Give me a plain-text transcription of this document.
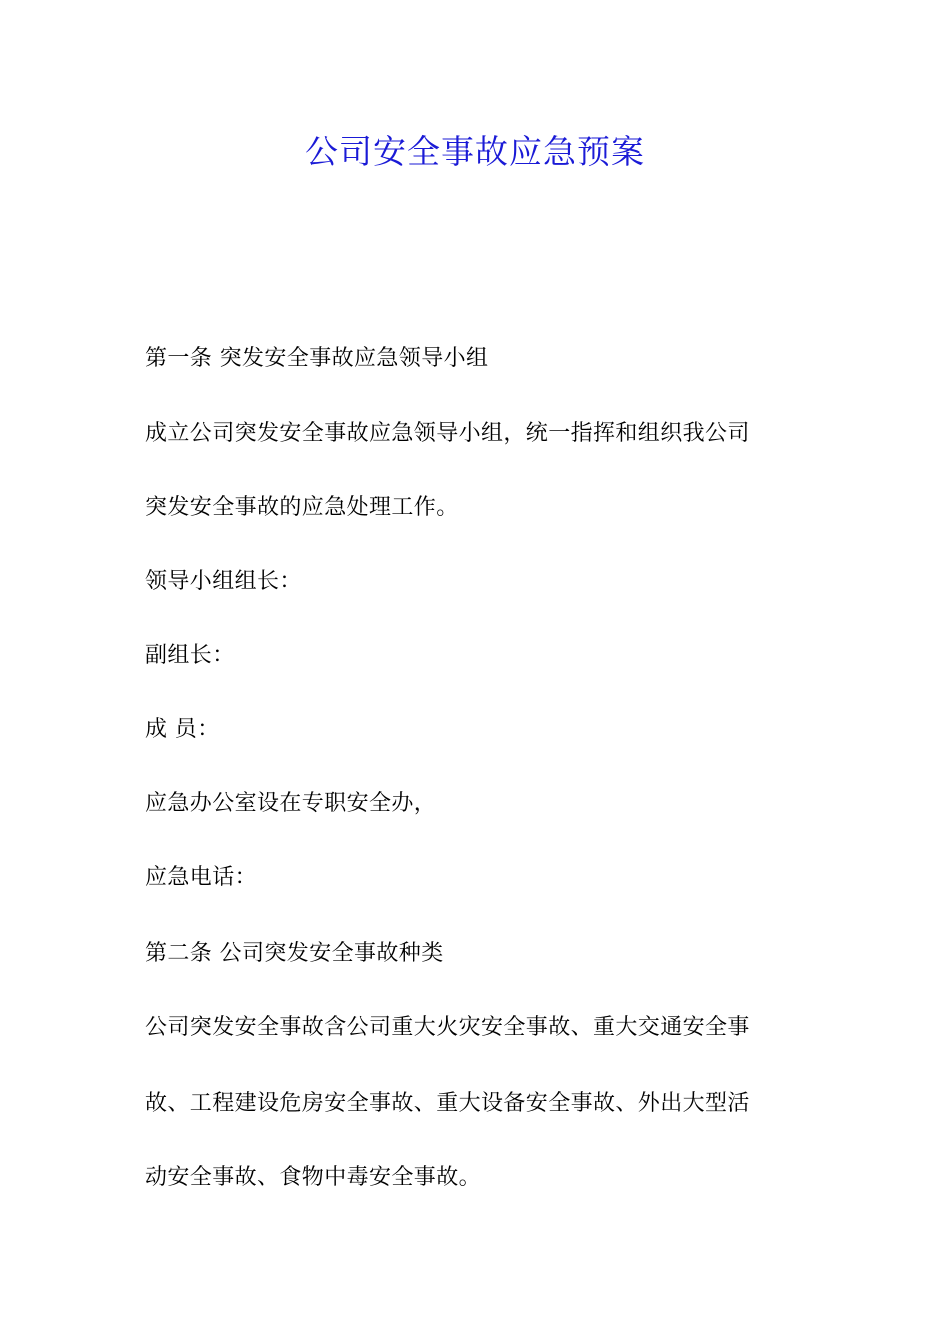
公司安全事故应急预案

第一条 突发安全事故应急领导小组

成立公司突发安全事故应急领导小组，统一指挥和组织我公司

突发安全事故的应急处理工作。

领导小组组长：

副组长：

成 员：

应急办公室设在专职安全办，

应急电话：

第二条 公司突发安全事故种类

公司突发安全事故含公司重大火灾安全事故、重大交通安全事

故、工程建设危房安全事故、重大设备安全事故、外出大型活

动安全事故、食物中毒安全事故。
